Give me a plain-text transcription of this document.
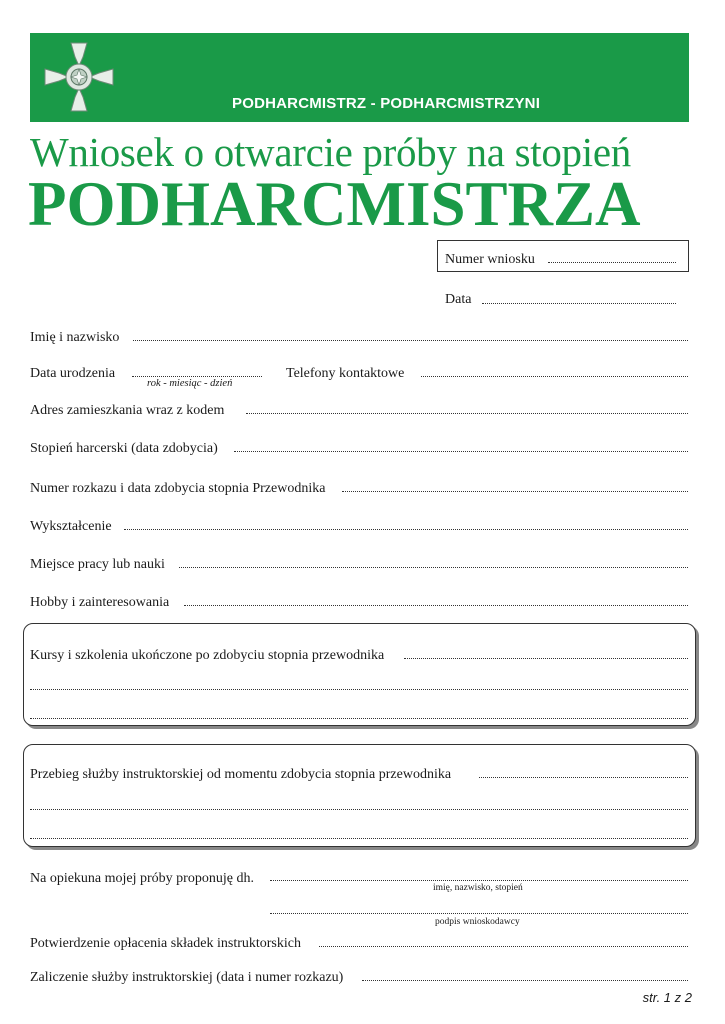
PODHARCMISTRZ - PODHARCMISTRZYNI
Wniosek o otwarcie próby na stopień
PODHARCMISTRZA
Numer wniosku
Data
Imię i nazwisko
Data urodzenia
rok - miesiąc - dzień
Telefony kontaktowe
Adres zamieszkania wraz z kodem
Stopień harcerski (data zdobycia)
Numer rozkazu i data zdobycia stopnia Przewodnika
Wykształcenie
Miejsce pracy lub nauki
Hobby i zainteresowania
Kursy i szkolenia ukończone po zdobyciu stopnia przewodnika
Przebieg służby instruktorskiej od momentu zdobycia stopnia przewodnika
Na opiekuna mojej próby proponuję dh.
imię, nazwisko, stopień
podpis wnioskodawcy
Potwierdzenie opłacenia składek instruktorskich
Zaliczenie służby instruktorskiej (data i numer rozkazu)
str. 1 z 2
